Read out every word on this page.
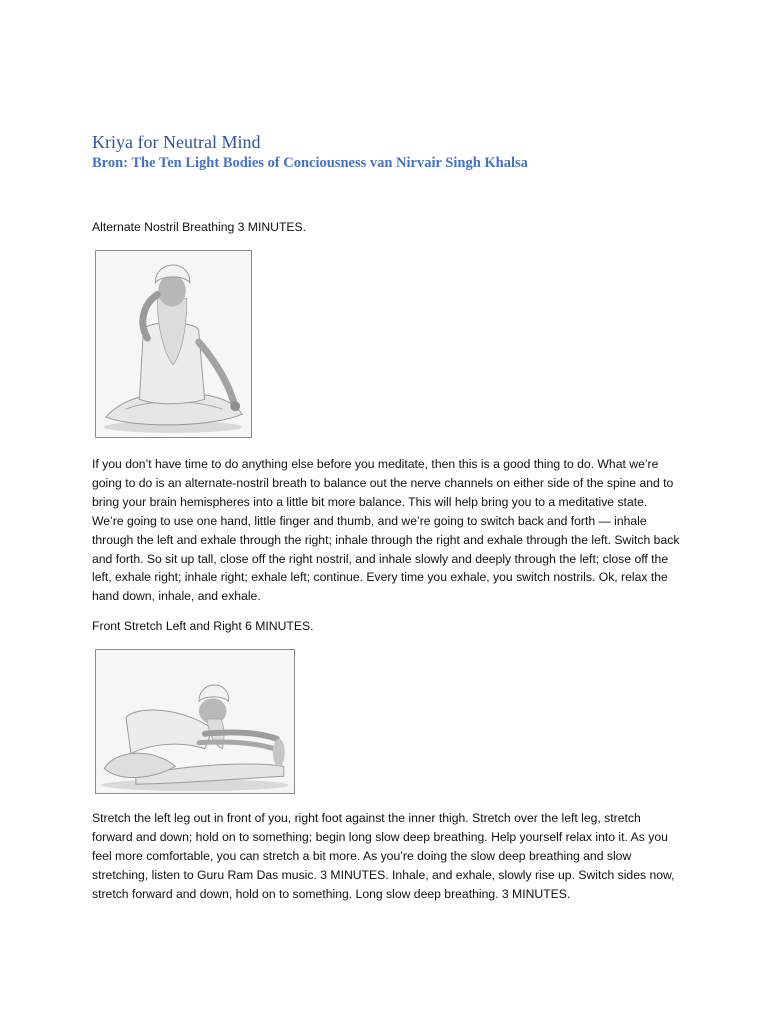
Kriya for Neutral Mind
Bron: The Ten Light Bodies of Conciousness van Nirvair Singh Khalsa

Alternate Nostril Breathing 3 MINUTES.

If you don’t have time to do anything else before you meditate, then this is a good thing to do. What we’re going to do is an alternate-nostril breath to balance out the nerve channels on either side of the spine and to bring your brain hemispheres into a little bit more balance. This will help bring you to a meditative state. We’re going to use one hand, little finger and thumb, and we’re going to switch back and forth — inhale through the left and exhale through the right; inhale through the right and exhale through the left. Switch back and forth. So sit up tall, close off the right nostril, and inhale slowly and deeply through the left; close off the left, exhale right; inhale right; exhale left; continue. Every time you exhale, you switch nostrils. Ok, relax the hand down, inhale, and exhale.

Front Stretch Left and Right 6 MINUTES.

Stretch the left leg out in front of you, right foot against the inner thigh. Stretch over the left leg, stretch forward and down; hold on to something; begin long slow deep breathing. Help yourself relax into it. As you feel more comfortable, you can stretch a bit more. As you’re doing the slow deep breathing and slow stretching, listen to Guru Ram Das music. 3 MINUTES. Inhale, and exhale, slowly rise up. Switch sides now, stretch forward and down, hold on to something. Long slow deep breathing. 3 MINUTES.
